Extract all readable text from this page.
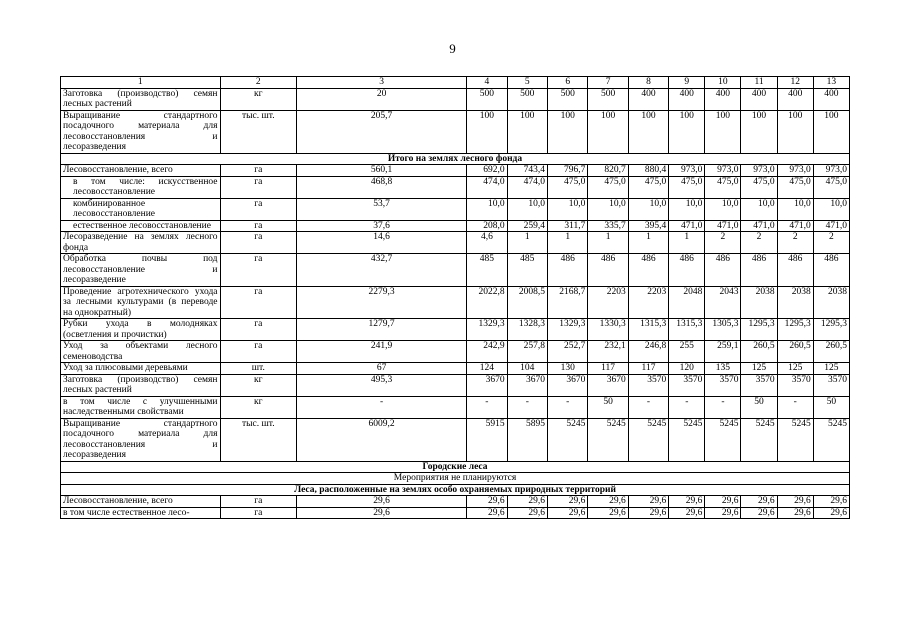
9
1	2	3	4	5	6	7	8	9	10	11	12	13
Заготовка (производство) семян лесных растений	кг	20	500	500	500	500	400	400	400	400	400	400
Выращивание стандартного посадочного материала для лесовосстановления и лесоразведения	тыс. шт.	205,7	100	100	100	100	100	100	100	100	100	100
Итого на землях лесного фонда												
Лесовосстановление, всего	га	560,1	692,0	743,4	796,7	820,7	880,4	973,0	973,0	973,0	973,0	973,0
в том числе: искусственное лесовосстановление	га	468,8	474,0	474,0	475,0	475,0	475,0	475,0	475,0	475,0	475,0	475,0
комбинированное лесовосстановление	га	53,7	10,0	10,0	10,0	10,0	10,0	10,0	10,0	10,0	10,0	10,0
естественное лесовосстановление	га	37,6	208,0	259,4	311,7	335,7	395,4	471,0	471,0	471,0	471,0	471,0
Лесоразведение на землях лесного фонда	га	14,6	4,6	1	1	1	1	1	2	2	2	2
Обработка почвы под лесовосстановление и лесоразведение	га	432,7	485	485	486	486	486	486	486	486	486	486
Проведение агротехнического ухода за лесными культурами (в переводе на однократный)	га	2279,3	2022,8	2008,5	2168,7	2203	2203	2048	2043	2038	2038	2038
Рубки ухода в молодняках (осветления и прочистки)	га	1279,7	1329,3	1328,3	1329,3	1330,3	1315,3	1315,3	1305,3	1295,3	1295,3	1295,3
Уход за объектами лесного семеноводства	га	241,9	242,9	257,8	252,7	232,1	246,8	255	259,1	260,5	260,5	260,5
Уход за плюсовыми деревьями	шт.	67	124	104	130	117	117	120	135	125	125	125
Заготовка (производство) семян лесных растений	кг	495,3	3670	3670	3670	3670	3570	3570	3570	3570	3570	3570
в том числе с улучшенными наследственными свойствами	кг	-	-	-	-	50	-	-	-	50	-	50
Выращивание стандартного посадочного материала для лесовосстановления и лесоразведения	тыс. шт.	6009,2	5915	5895	5245	5245	5245	5245	5245	5245	5245	5245
Городские леса												
Мероприятия не планируются												
Леса, расположенные на землях особо охраняемых природных территорий												
Лесовосстановление, всего	га	29,6	29,6	29,6	29,6	29,6	29,6	29,6	29,6	29,6	29,6	29,6
в том числе естественное лесо-	га	29,6	29,6	29,6	29,6	29,6	29,6	29,6	29,6	29,6	29,6	29,6
